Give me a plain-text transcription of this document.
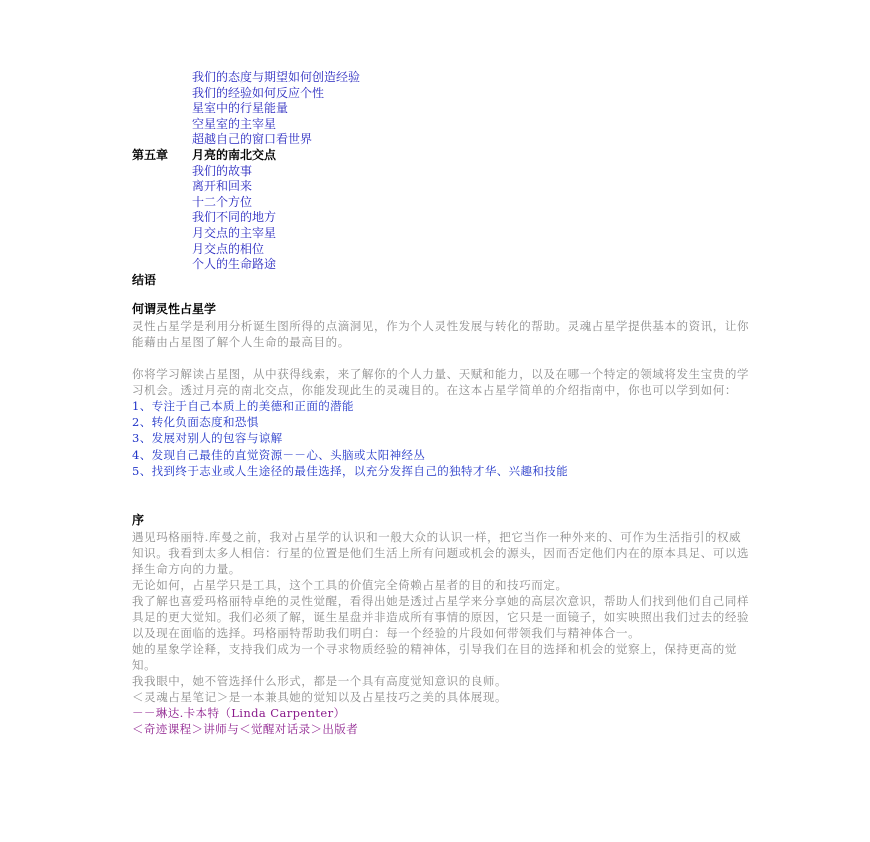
我们的态度与期望如何创造经验
我们的经验如何反应个性
星室中的行星能量
空星室的主宰星
超越自己的窗口看世界
第五章 月亮的南北交点
我们的故事
离开和回来
十二个方位
我们不同的地方
月交点的主宰星
月交点的相位
个人的生命路途
结语
何谓灵性占星学
灵性占星学是利用分析诞生图所得的点滴洞见，作为个人灵性发展与转化的帮助。灵魂占星学提供基本的资讯，让你能藉由占星图了解个人生命的最高目的。
你将学习解读占星图，从中获得线索，来了解你的个人力量、天赋和能力，以及在哪一个特定的领域将发生宝贵的学习机会。透过月亮的南北交点，你能发现此生的灵魂目的。在这本占星学简单的介绍指南中，你也可以学到如何：
1、专注于自己本质上的美德和正面的潜能
2、转化负面态度和恐惧
3、发展对别人的包容与谅解
4、发现自己最佳的直觉资源－－心、头脑或太阳神经丛
5、找到终于志业或人生途径的最佳选择，以充分发挥自己的独特才华、兴趣和技能
序
遇见玛格丽特.库曼之前，我对占星学的认识和一般大众的认识一样，把它当作一种外来的、可作为生活指引的权威知识。我看到太多人相信：行星的位置是他们生活上所有问题或机会的源头，因而否定他们内在的原本具足、可以选择生命方向的力量。
无论如何，占星学只是工具，这个工具的价值完全倚赖占星者的目的和技巧而定。
我了解也喜爱玛格丽特卓绝的灵性觉醒，看得出她是透过占星学来分享她的高层次意识，帮助人们找到他们自己同样具足的更大觉知。我们必须了解，诞生星盘并非造成所有事情的原因，它只是一面镜子，如实映照出我们过去的经验以及现在面临的选择。玛格丽特帮助我们明白：每一个经验的片段如何带领我们与精神体合一。
她的星象学诠释，支持我们成为一个寻求物质经验的精神体，引导我们在目的选择和机会的觉察上，保持更高的觉知。
我我眼中，她不管选择什么形式，都是一个具有高度觉知意识的良师。
＜灵魂占星笔记＞是一本兼具她的觉知以及占星技巧之美的具体展现。
－－琳达.卡本特（Linda Carpenter）
＜奇迹课程＞讲师与＜觉醒对话录＞出版者
